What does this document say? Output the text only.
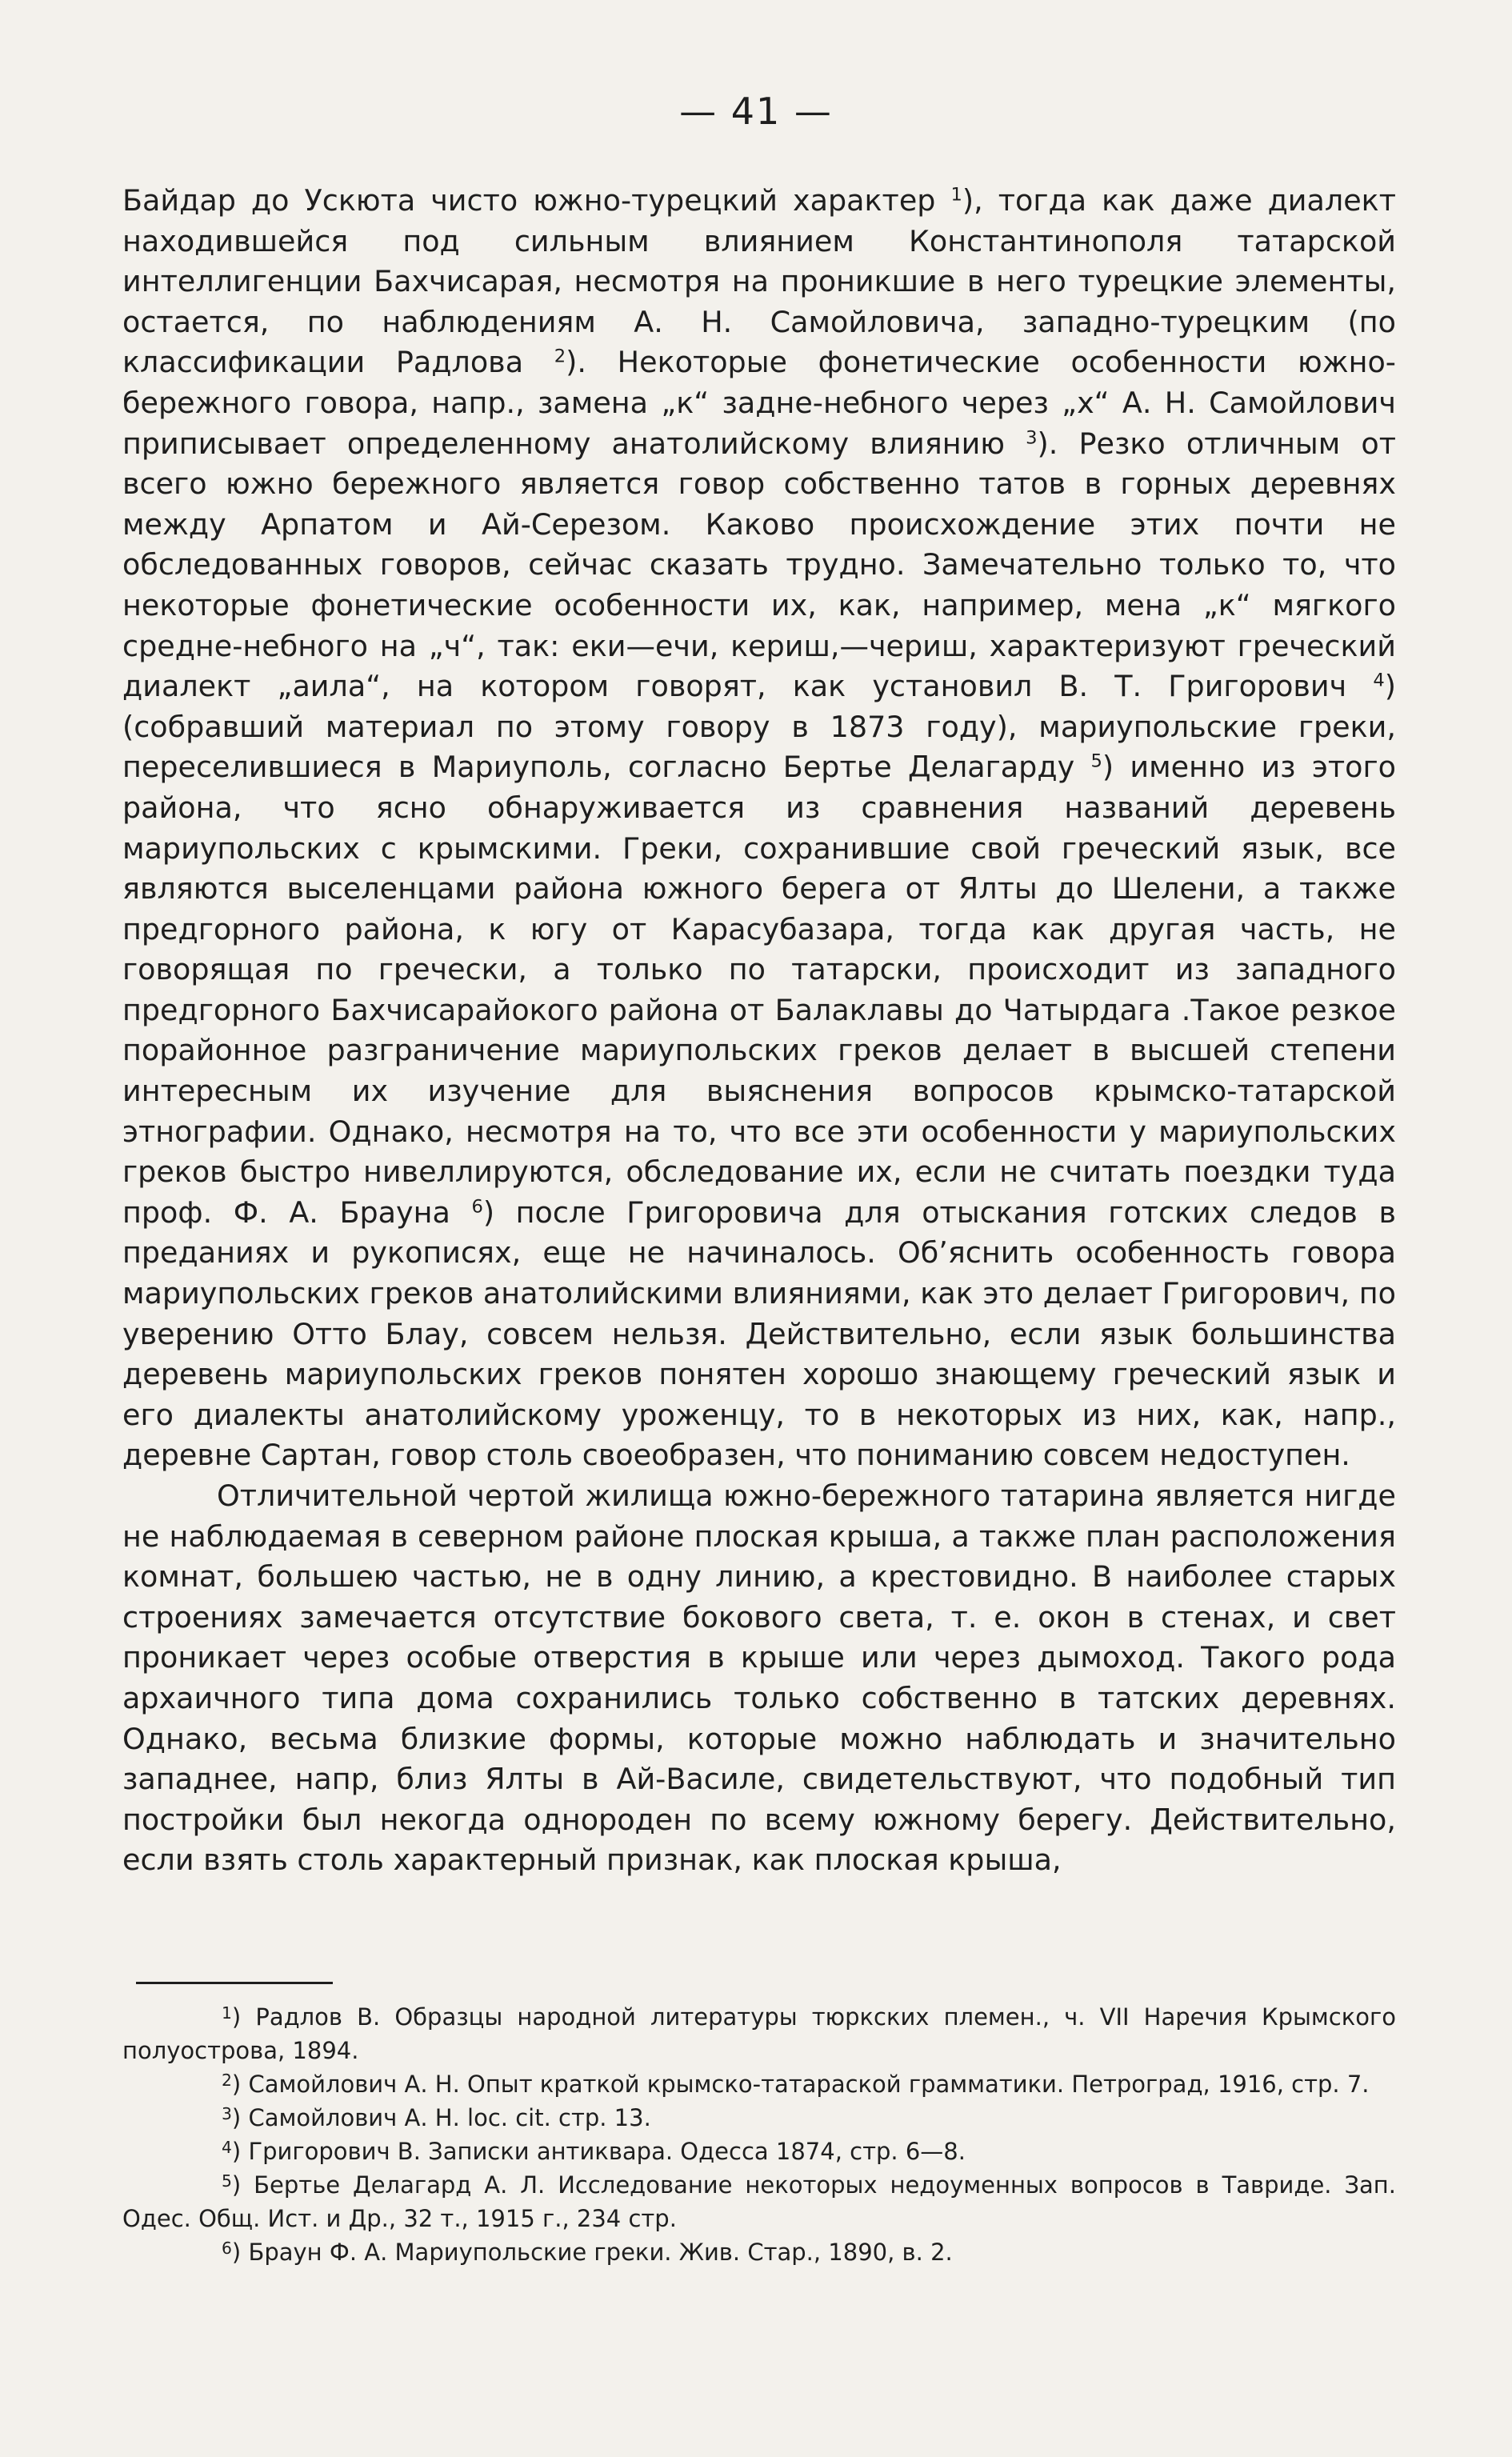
— 41 —

Байдар до Ускюта чисто южно-турецкий характер $^1$), тогда как даже диалект находившейся под сильным влиянием Константинополя татарской интеллигенции Бахчисарая, несмотря на проникшие в него турецкие элементы, остается, по наблюдениям А. Н. Самойловича, западно-турецким (по классификации Радлова $^2$). Некоторые фонетические особенности южно-бережного говора, напр., замена „к“ задне-небного через „х“ А. Н. Самойлович приписывает определенному анатолийскому влиянию $^3$). Резко отличным от всего южно бережного является говор собственно татов в горных деревнях между Арпатом и Ай-Серезом. Каково происхождение этих почти не обследованных говоров, сейчас сказать трудно. Замечательно только то, что некоторые фонетические особенности их, как, например, мена „к“ мягкого средне-небного на „ч“, так: еки—ечи, кериш,—чериш, характеризуют греческий диалект „аила“, на котором говорят, как установил В. Т. Григорович $^4$) (собравший материал по этому говору в 1873 году), мариупольские греки, переселившиеся в Мариуполь, согласно Бертье Делагарду $^5$) именно из этого района, что ясно обнаруживается из сравнения названий деревень мариупольских с крымскими. Греки, сохранившие свой греческий язык, все являются выселенцами района южного берега от Ялты до Шелени, а также предгорного района, к югу от Карасубазара, тогда как другая часть, не говорящая по гречески, а только по татарски, происходит из западного предгорного Бахчисарайокого района от Балаклавы до Чатырдага .Такое резкое порайонное разграничение мариупольских греков делает в высшей степени интересным их изучение для выяснения вопросов крымско-татарской этнографии. Однако, несмотря на то, что все эти особенности у мариупольских греков быстро нивеллируются, обследование их, если не считать поездки туда проф. Ф. А. Брауна $^6$) после Григоровича для отыскания готских следов в преданиях и рукописях, еще не начиналось. Об’яснить особенность говора мариупольских греков анатолийскими влияниями, как это делает Григорович, по уверению Отто Блау, совсем нельзя. Действительно, если язык большинства деревень мариупольских греков понятен хорошо знающему греческий язык и его диалекты анатолийскому уроженцу, то в некоторых из них, как, напр., деревне Сартан, говор столь своеобразен, что пониманию совсем недоступен.

Отличительной чертой жилища южно-бережного татарина является нигде не наблюдаемая в северном районе плоская крыша, а также план расположения комнат, большею частью, не в одну линию, а крестовидно. В наиболее старых строениях замечается отсутствие бокового света, т. е. окон в стенах, и свет проникает через особые отверстия в крыше или через дымоход. Такого рода архаичного типа дома сохранились только собственно в татских деревнях. Однако, весьма близкие формы, которые можно наблюдать и значительно западнее, напр, близ Ялты в Ай-Василе, свидетельствуют, что подобный тип постройки был некогда однороден по всему южному берегу. Действительно, если взять столь характерный признак, как плоская крыша,

$^1$) Радлов В. Образцы народной литературы тюркских племен., ч. VII Наречия Крымского полуострова, 1894.

$^2$) Самойлович А. Н. Опыт краткой крымско-татараской грамматики. Петроград, 1916, стр. 7.

$^3$) Самойлович А. Н. loc. cit. стр. 13.

$^4$) Григорович В. Записки антиквара. Одесса 1874, стр. 6—8.

$^5$) Бертье Делагард А. Л. Исследование некоторых недоуменных вопросов в Тавриде. Зап. Одес. Общ. Ист. и Др., 32 т., 1915 г., 234 стр.

$^6$) Браун Ф. А. Мариупольские греки. Жив. Стар., 1890, в. 2.
